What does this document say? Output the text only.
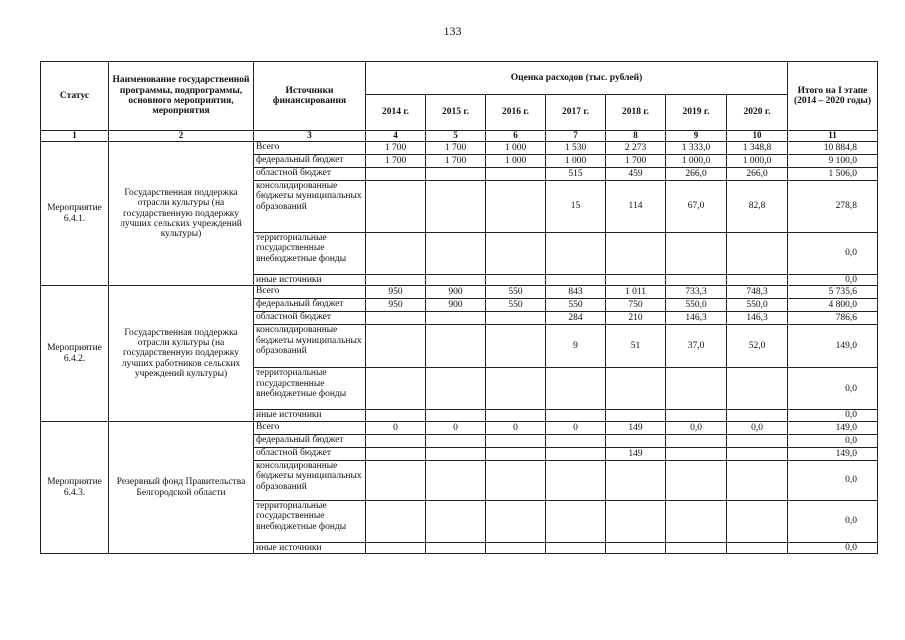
133
Статус	Наименование государственной программы, подпрограммы, основного мероприятия, мероприятия	Источники финансирования	Оценка расходов (тыс. рублей)							Итого на I этапе (2014 – 2020 годы)
			2014 г.	2015 г.	2016 г.	2017 г.	2018 г.	2019 г.	2020 г.	
1	2	3	4	5	6	7	8	9	10	11
Мероприятие 6.4.1.	Государственная поддержка отрасли культуры (на государственную поддержку лучших сельских учреждений культуры)	Всего	1 700	1 700	1 000	1 530	2 273	1 333,0	1 348,8	10 884,8
		федеральный бюджет	1 700	1 700	1 000	1 000	1 700	1 000,0	1 000,0	9 100,0
		областной бюджет				515	459	266,0	266,0	1 506,0
		консолидированные бюджеты муниципальных образований				15	114	67,0	82,8	278,8
		территориальные государственные внебюджетные фонды								0,0
		иные источники								0,0
Мероприятие 6.4.2.	Государственная поддержка отрасли культуры (на государственную поддержку лучших работников сельских учреждений культуры)	Всего	950	900	550	843	1 011	733,3	748,3	5 735,6
		федеральный бюджет	950	900	550	550	750	550,0	550,0	4 800,0
		областной бюджет				284	210	146,3	146,3	786,6
		консолидированные бюджеты муниципальных образований				9	51	37,0	52,0	149,0
		территориальные государственные внебюджетные фонды								0,0
		иные источники								0,0
Мероприятие 6.4.3.	Резервный фонд Правительства Белгородской области	Всего	0	0	0	0	149	0,0	0,0	149,0
		федеральный бюджет								0,0
		областной бюджет					149			149,0
		консолидированные бюджеты муниципальных образований								0,0
		территориальные государственные внебюджетные фонды								0,0
		иные источники								0,0
